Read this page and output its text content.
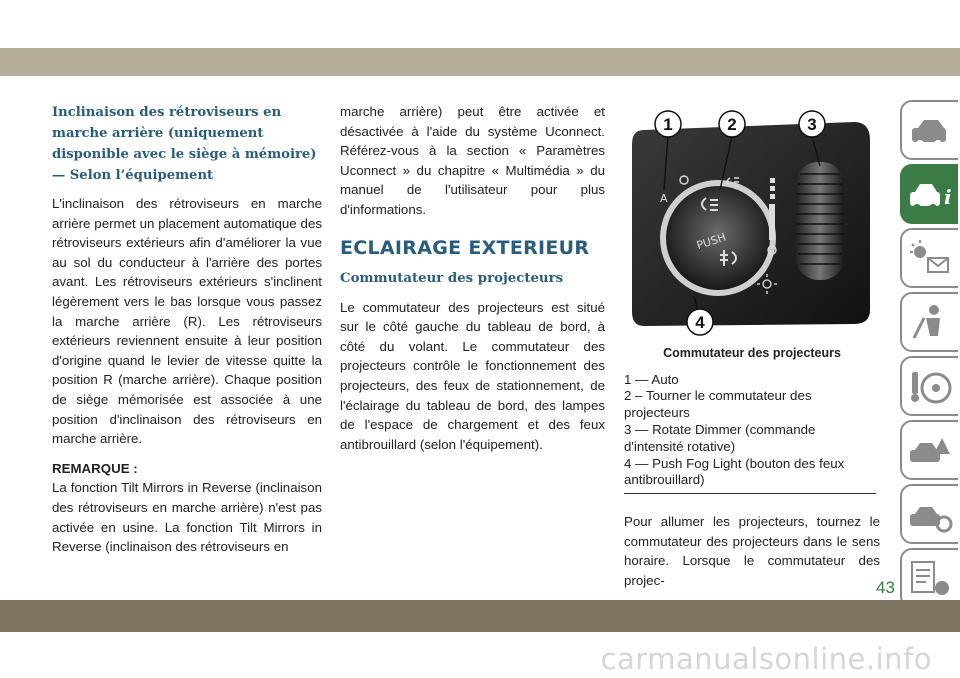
Inclinaison des rétroviseurs en marche arrière (uniquement disponible avec le siège à mémoire) — Selon l’équipement

L'inclinaison des rétroviseurs en marche arrière permet un placement automatique des rétroviseurs extérieurs afin d'améliorer la vue au sol du conducteur à l'arrière des portes avant. Les rétroviseurs extérieurs s'inclinent légèrement vers le bas lorsque vous passez la marche arrière (R). Les rétroviseurs extérieurs reviennent ensuite à leur position d'origine quand le levier de vitesse quitte la position R (marche arrière). Chaque position de siège mémorisée est associée à une position d'inclinaison des rétroviseurs en marche arrière.

REMARQUE :

La fonction Tilt Mirrors in Reverse (inclinaison des rétroviseurs en marche arrière) n'est pas activée en usine. La fonction Tilt Mirrors in Reverse (inclinaison des rétroviseurs en

marche arrière) peut être activée et désactivée à l'aide du système Uconnect. Référez-vous à la section « Paramètres Uconnect » du chapitre « Multimédia » du manuel de l'utilisateur pour plus d'informations.

ECLAIRAGE EXTERIEUR
Commutateur des projecteurs

Le commutateur des projecteurs est situé sur le côté gauche du tableau de bord, à côté du volant. Le commutateur des projecteurs contrôle le fonctionnement des projecteurs, des feux de stationnement, de l'éclairage du tableau de bord, des lampes de l'espace de chargement et des feux antibrouillard (selon l'équipement).

PUSH
A
1	2	3
4
Commutateur des projecteurs

1 — Auto

2 – Tourner le commutateur des projecteurs

3 — Rotate Dimmer (commande d'intensité rotative)

4 — Push Fog Light (bouton des feux antibrouillard)

Pour allumer les projecteurs, tournez le commutateur des projecteurs dans le sens horaire. Lorsque le commutateur des projec-

i
43
carmanualsonline.info
